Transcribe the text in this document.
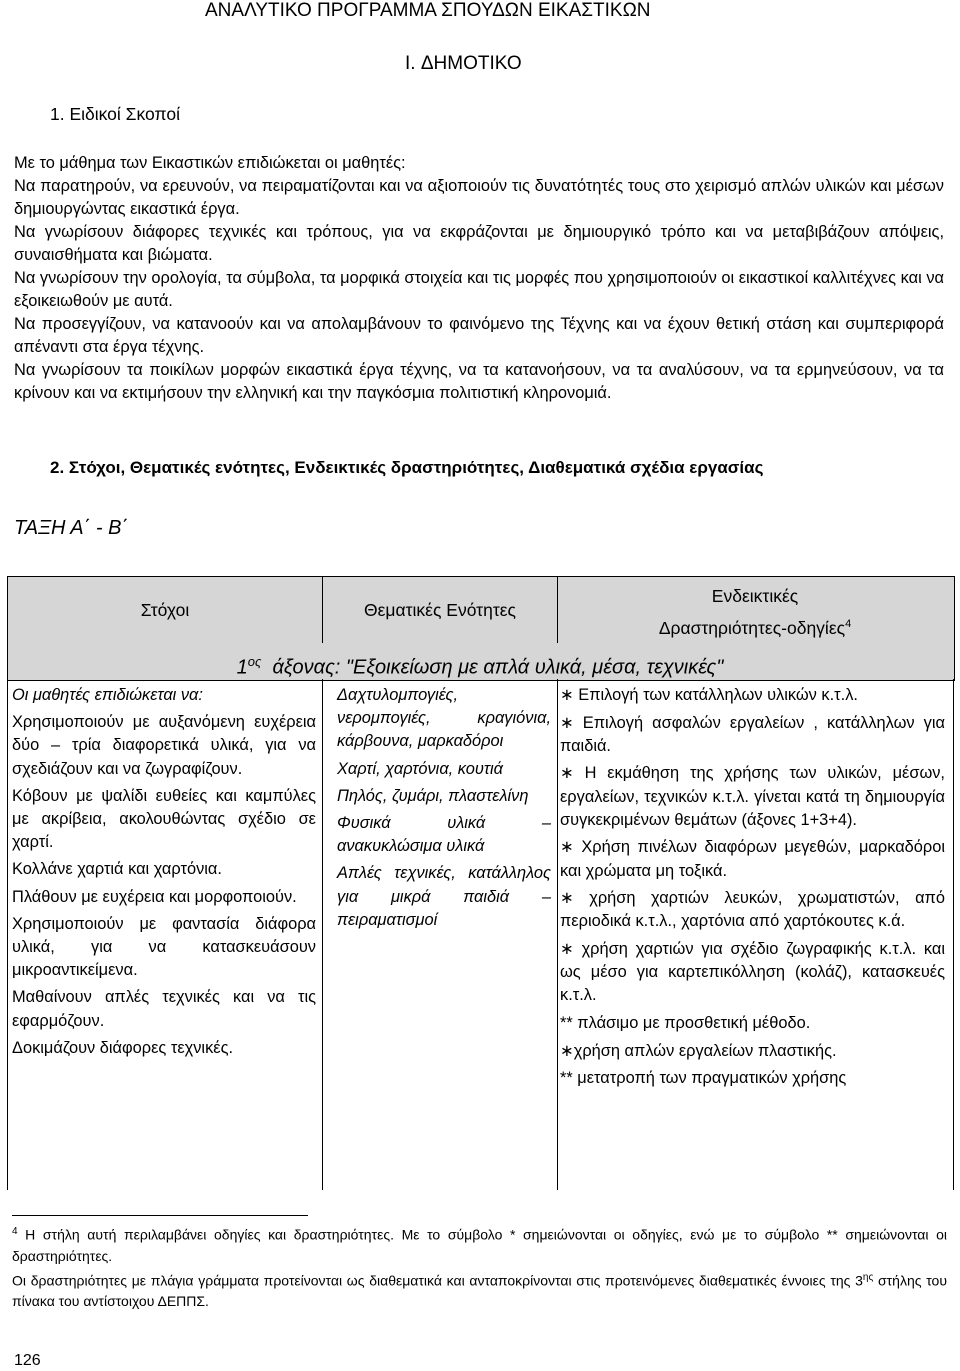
ΑΝΑΛΥΤΙΚΟ ΠΡΟΓΡΑΜΜΑ ΣΠΟΥΔΩΝ ΕΙΚΑΣΤΙΚΩΝ
I. ΔΗΜΟΤΙΚΟ
1. Ειδικοί Σκοποί

Με το μάθημα των Εικαστικών επιδιώκεται οι μαθητές:

Να παρατηρούν, να ερευνούν, να πειραματίζονται και να αξιοποιούν τις δυνατότητές τους στο χειρισμό απλών υλικών και μέσων δημιουργώντας εικαστικά έργα.

Να γνωρίσουν διάφορες τεχνικές και τρόπους, για να εκφράζονται με δημιουργικό τρόπο και να μεταβιβάζουν απόψεις, συναισθήματα και βιώματα.

Να γνωρίσουν την ορολογία, τα σύμβολα, τα μορφικά στοιχεία και τις μορφές που χρησιμοποιούν οι εικαστικοί καλλιτέχνες και να εξοικειωθούν με αυτά.

Να προσεγγίζουν, να κατανοούν και να απολαμβάνουν το φαινόμενο της Τέχνης και να έχουν θετική στάση και συμπεριφορά απέναντι στα έργα τέχνης.

Να γνωρίσουν τα ποικίλων μορφών εικαστικά έργα τέχνης, να τα κατανοήσουν, να τα αναλύσουν, να τα ερμηνεύσουν, να τα κρίνουν και να εκτιμήσουν την ελληνική και την παγκόσμια πολιτιστική κληρονομιά.

2. Στόχοι, Θεματικές ενότητες, Ενδεικτικές δραστηριότητες, Διαθεματικά σχέδια εργασίας
ΤΑΞΗ Α΄ - Β΄
Στόχοι	Θεματικές Ενότητες
Ενδεικτικές
Δραστηριότητες-οδηγίες$^4$
$1^{o\varsigma}$ άξονας: "Εξοικείωση με απλά υλικά, μέσα, τεχνικές"

Οι μαθητές επιδιώκεται να:

Χρησιμοποιούν με αυξανόμενη ευχέρεια δύο – τρία διαφορετικά υλικά, για να σχεδιάζουν και να ζωγραφίζουν.

Κόβουν με ψαλίδι ευθείες και καμπύλες με ακρίβεια, ακολουθώντας σχέδιο σε χαρτί.

Κολλάνε χαρτιά και χαρτόνια.

Πλάθουν με ευχέρεια και μορφοποιούν.

Χρησιμοποιούν με φαντασία διάφορα υλικά, για να κατασκευάσουν μικροαντικείμενα.

Μαθαίνουν απλές τεχνικές και να τις εφαρμόζουν.

Δοκιμάζουν διάφορες τεχνικές.

Δαχτυλομπογιές, νερομπογιές, κραγιόνια, κάρβουνα, μαρκαδόροι

Χαρτί, χαρτόνια, κουτιά

Πηλός, ζυμάρι, πλαστελίνη

Φυσικά υλικά – ανακυκλώσιμα υλικά

Απλές τεχνικές, κατάλληλος για μικρά παιδιά – πειραματισμοί

∗ Επιλογή των κατάλληλων υλικών κ.τ.λ.

∗ Επιλογή ασφαλών εργαλείων , κατάλληλων για παιδιά.

∗ Η εκμάθηση της χρήσης των υλικών, μέσων, εργαλείων, τεχνικών κ.τ.λ. γίνεται κατά τη δημιουργία συγκεκριμένων θεμάτων (άξονες 1+3+4).

∗ Χρήση πινέλων διαφόρων μεγεθών, μαρκαδόροι και χρώματα μη τοξικά.

∗ χρήση χαρτιών λευκών, χρωματιστών, από περιοδικά κ.τ.λ., χαρτόνια από χαρτόκουτες κ.ά.

∗ χρήση χαρτιών για σχέδιο ζωγραφικής κ.τ.λ. και ως μέσο για καρτεπικόλληση (κολάζ), κατασκευές κ.τ.λ.

** πλάσιμο με προσθετική μέθοδο.

∗χρήση απλών εργαλείων πλαστικής.

** μετατροπή των πραγματικών χρήσης

$^4$ Η στήλη αυτή περιλαμβάνει οδηγίες και δραστηριότητες. Με το σύμβολο * σημειώνονται οι οδηγίες, ενώ με το σύμβολο ** σημειώνονται οι δραστηριότητες.

Οι δραστηριότητες με πλάγια γράμματα προτείνονται ως διαθεματικά και ανταποκρίνονται στις προτεινόμενες διαθεματικές έννοιες της $3^{\eta\varsigma}$ στήλης του πίνακα του αντίστοιχου ΔΕΠΠΣ.

126
